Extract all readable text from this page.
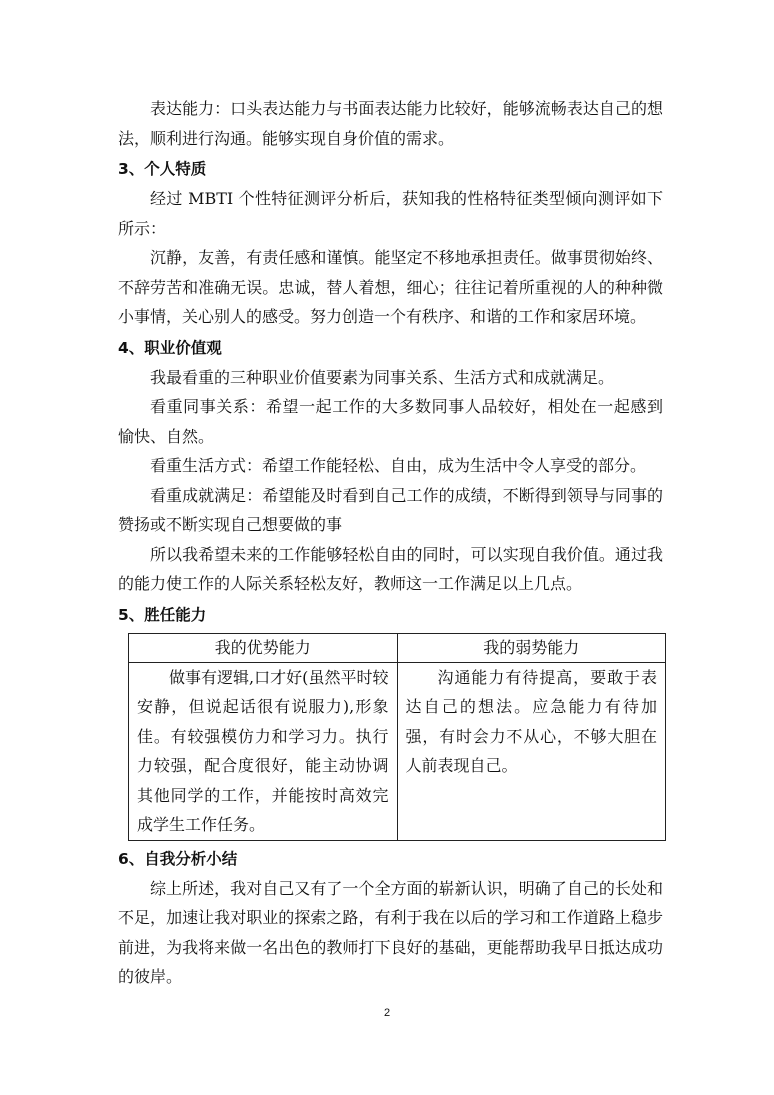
表达能力：口头表达能力与书面表达能力比较好，能够流畅表达自己的想法，顺利进行沟通。能够实现自身价值的需求。

3、个人特质

经过 MBTI 个性特征测评分析后，获知我的性格特征类型倾向测评如下所示：

沉静，友善，有责任感和谨慎。能坚定不移地承担责任。做事贯彻始终、不辞劳苦和准确无误。忠诚，替人着想，细心；往往记着所重视的人的种种微小事情，关心别人的感受。努力创造一个有秩序、和谐的工作和家居环境。

4、职业价值观

我最看重的三种职业价值要素为同事关系、生活方式和成就满足。

看重同事关系：希望一起工作的大多数同事人品较好，相处在一起感到 愉快、自然。

看重生活方式：希望工作能轻松、自由，成为生活中令人享受的部分。

看重成就满足：希望能及时看到自己工作的成绩，不断得到领导与同事的赞扬或不断实现自己想要做的事

所以我希望未来的工作能够轻松自由的同时，可以实现自我价值。通过我的能力使工作的人际关系轻松友好，教师这一工作满足以上几点。

5、胜任能力

我的优势能力	我的弱势能力
做事有逻辑,口才好(虽然平时较安静，但说起话很有说服力),形象佳。有较强模仿力和学习力。执行力较强，配合度很好，能主动协调其他同学的工作，并能按时高效完成学生工作任务。	沟通能力有待提高，要敢于表达自己的想法。应急能力有待加强，有时会力不从心，不够大胆在人前表现自己。

6、自我分析小结

综上所述，我对自己又有了一个全方面的崭新认识，明确了自己的长处和不足，加速让我对职业的探索之路，有利于我在以后的学习和工作道路上稳步前进，为我将来做一名出色的教师打下良好的基础，更能帮助我早日抵达成功的彼岸。

2
